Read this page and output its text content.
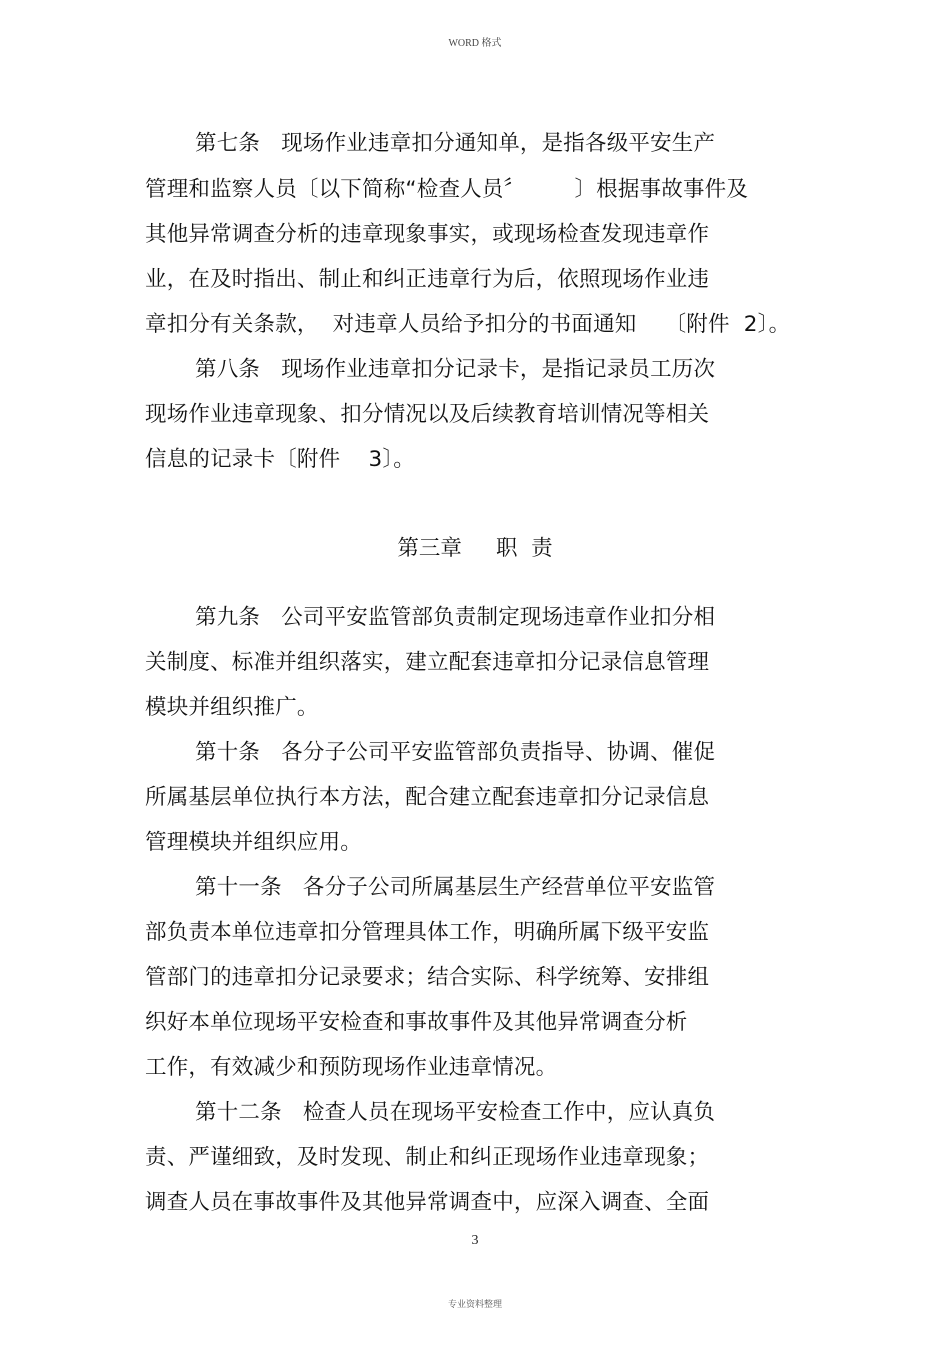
WORD 格式
第七条   现场作业违章扣分通知单，是指各级平安生产
管理和监察人员〔以下简称“检查人员〞       〕根据事故事件及
其他异常调查分析的违章现象事实，或现场检查发现违章作
业，在及时指出、制止和纠正违章行为后，依照现场作业违
章扣分有关条款，  对违章人员给予扣分的书面通知    〔附件  2〕。
第八条   现场作业违章扣分记录卡，是指记录员工历次
现场作业违章现象、扣分情况以及后续教育培训情况等相关
信息的记录卡〔附件    3〕。
第三章     职  责
第九条   公司平安监管部负责制定现场违章作业扣分相
关制度、标准并组织落实，建立配套违章扣分记录信息管理
模块并组织推广。
第十条   各分子公司平安监管部负责指导、协调、催促
所属基层单位执行本方法，配合建立配套违章扣分记录信息
管理模块并组织应用。
第十一条   各分子公司所属基层生产经营单位平安监管
部负责本单位违章扣分管理具体工作，明确所属下级平安监
管部门的违章扣分记录要求；结合实际、科学统筹、安排组
织好本单位现场平安检查和事故事件及其他异常调查分析
工作，有效减少和预防现场作业违章情况。
第十二条   检查人员在现场平安检查工作中，应认真负
责、严谨细致，及时发现、制止和纠正现场作业违章现象；
调查人员在事故事件及其他异常调查中，应深入调查、全面
3
专业资料整理
